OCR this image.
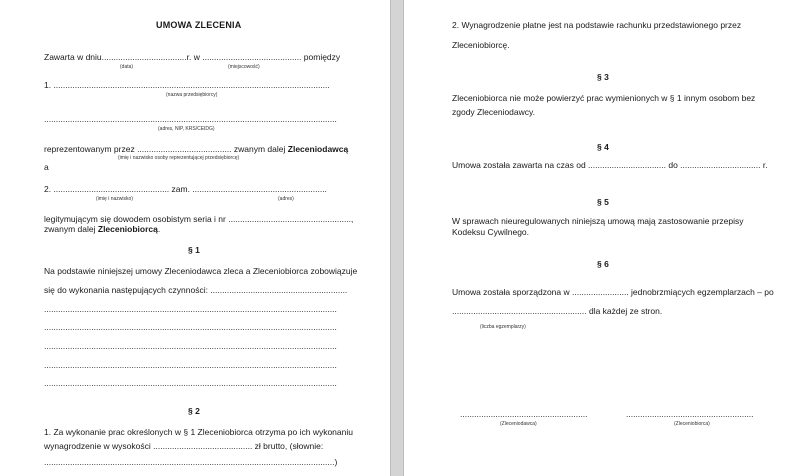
UMOWA ZLECENIA
Zawarta w dniu....................................r. w .......................................... pomiędzy
(data)	(miejscowość)
1. .....................................................................................................................
(nazwa przedsiębiorcy)
............................................................................................................................
(adres, NIP, KRS/CEIDG)
reprezentowanym przez ........................................ zwanym dalej Zleceniodawcą
(imię i nazwisko osoby reprezentującej przedsiębiorcę)
a
2. ................................................. zam. .........................................................
(imię i nazwisko)	(adres)
legitymującym się dowodem osobistym seria i nr ....................................................,
zwanym dalej Zleceniobiorcą.
§ 1
Na podstawie niniejszej umowy Zleceniodawca zleca a Zleceniobiorca zobowiązuje
się do wykonania następujących czynności: ..........................................................
............................................................................................................................
............................................................................................................................
............................................................................................................................
............................................................................................................................
............................................................................................................................
§ 2
1. Za wykonanie prac określonych w § 1 Zleceniobiorca otrzyma po ich wykonaniu
wynagrodzenie w wysokości .......................................... zł brutto, (słownie:
...........................................................................................................................)
2. Wynagrodzenie płatne jest na podstawie rachunku przedstawionego przez
Zleceniobiorcę.
§ 3
Zleceniobiorca nie może powierzyć prac wymienionych w § 1 innym osobom bez
zgody Zleceniodawcy.
§ 4
Umowa została zawarta na czas od ................................. do .................................. r.
§ 5
W sprawach nieuregulowanych niniejszą umową mają zastosowanie przepisy
Kodeksu Cywilnego.
§ 6
Umowa została sporządzona w ........................ jednobrzmiących egzemplarzach – po
......................................................... dla każdej ze stron.
(liczba egzemplarzy)
......................................................	......................................................
(Zleceniodawca)	(Zleceniobiorca)
